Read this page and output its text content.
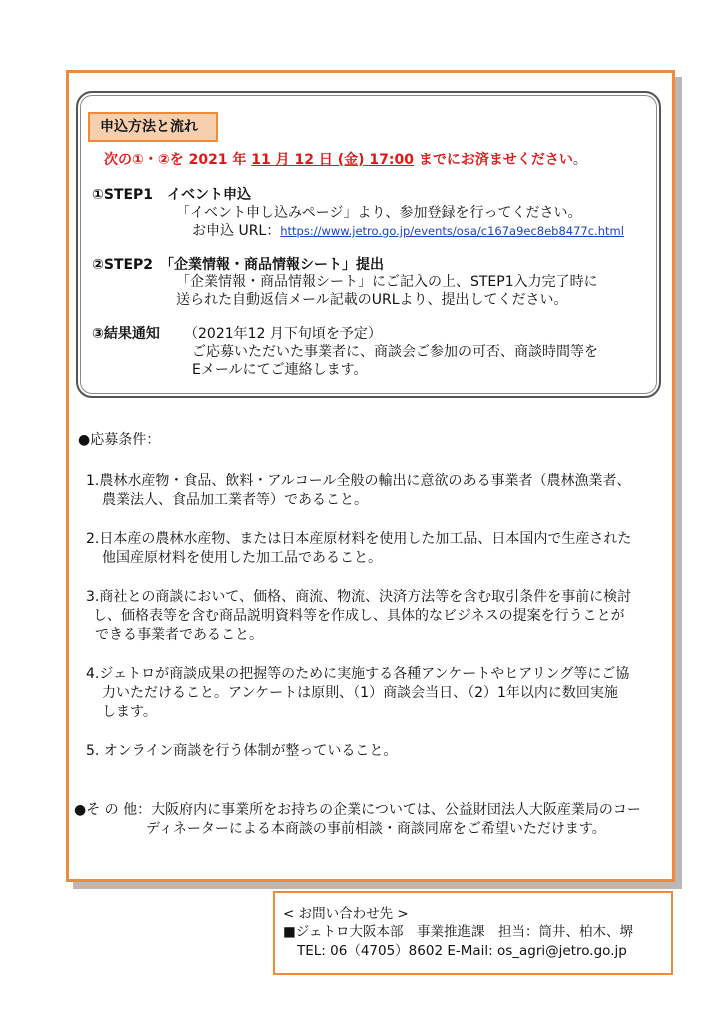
申込方法と流れ
次の①・②を 2021 年 11 月 12 日 (金) 17:00 までにお済ませください。
①STEP1　イベント申込
「イベント申し込みページ」より、参加登録を行ってください。
お申込 URL：https://www.jetro.go.jp/events/osa/c167a9ec8eb8477c.html
②STEP2　「企業情報・商品情報シート」提出
「企業情報・商品情報シート」にご記入の上、STEP1入力完了時に
送られた自動返信メール記載のURLより、提出してください。
③結果通知 （2021年12 月下旬頃を予定）
ご応募いただいた事業者に、商談会ご参加の可否、商談時間等を
Eメールにてご連絡します。
●応募条件：
1.農林水産物・食品、飲料・アルコール全般の輸出に意欲のある事業者（農林漁業者、
農業法人、食品加工業者等）であること。
2.日本産の農林水産物、または日本産原材料を使用した加工品、日本国内で生産された
他国産原材料を使用した加工品であること。
3.商社との商談において、価格、商流、物流、決済方法等を含む取引条件を事前に検討
し、価格表等を含む商品説明資料等を作成し、具体的なビジネスの提案を行うことが
できる事業者であること。
4.ジェトロが商談成果の把握等のために実施する各種アンケートやヒアリング等にご協
力いただけること。アンケートは原則、（1）商談会当日、（2）1年以内に数回実施
します。
5. オンライン商談を行う体制が整っていること。
●そ の 他：大阪府内に事業所をお持ちの企業については、公益財団法人大阪産業局のコー
ディネーターによる本商談の事前相談・商談同席をご希望いただけます。
< お問い合わせ先 >
■ジェトロ大阪本部　事業推進課　担当：筒井、柏木、堺
TEL: 06（4705）8602 E-Mail: os_agri@jetro.go.jp
